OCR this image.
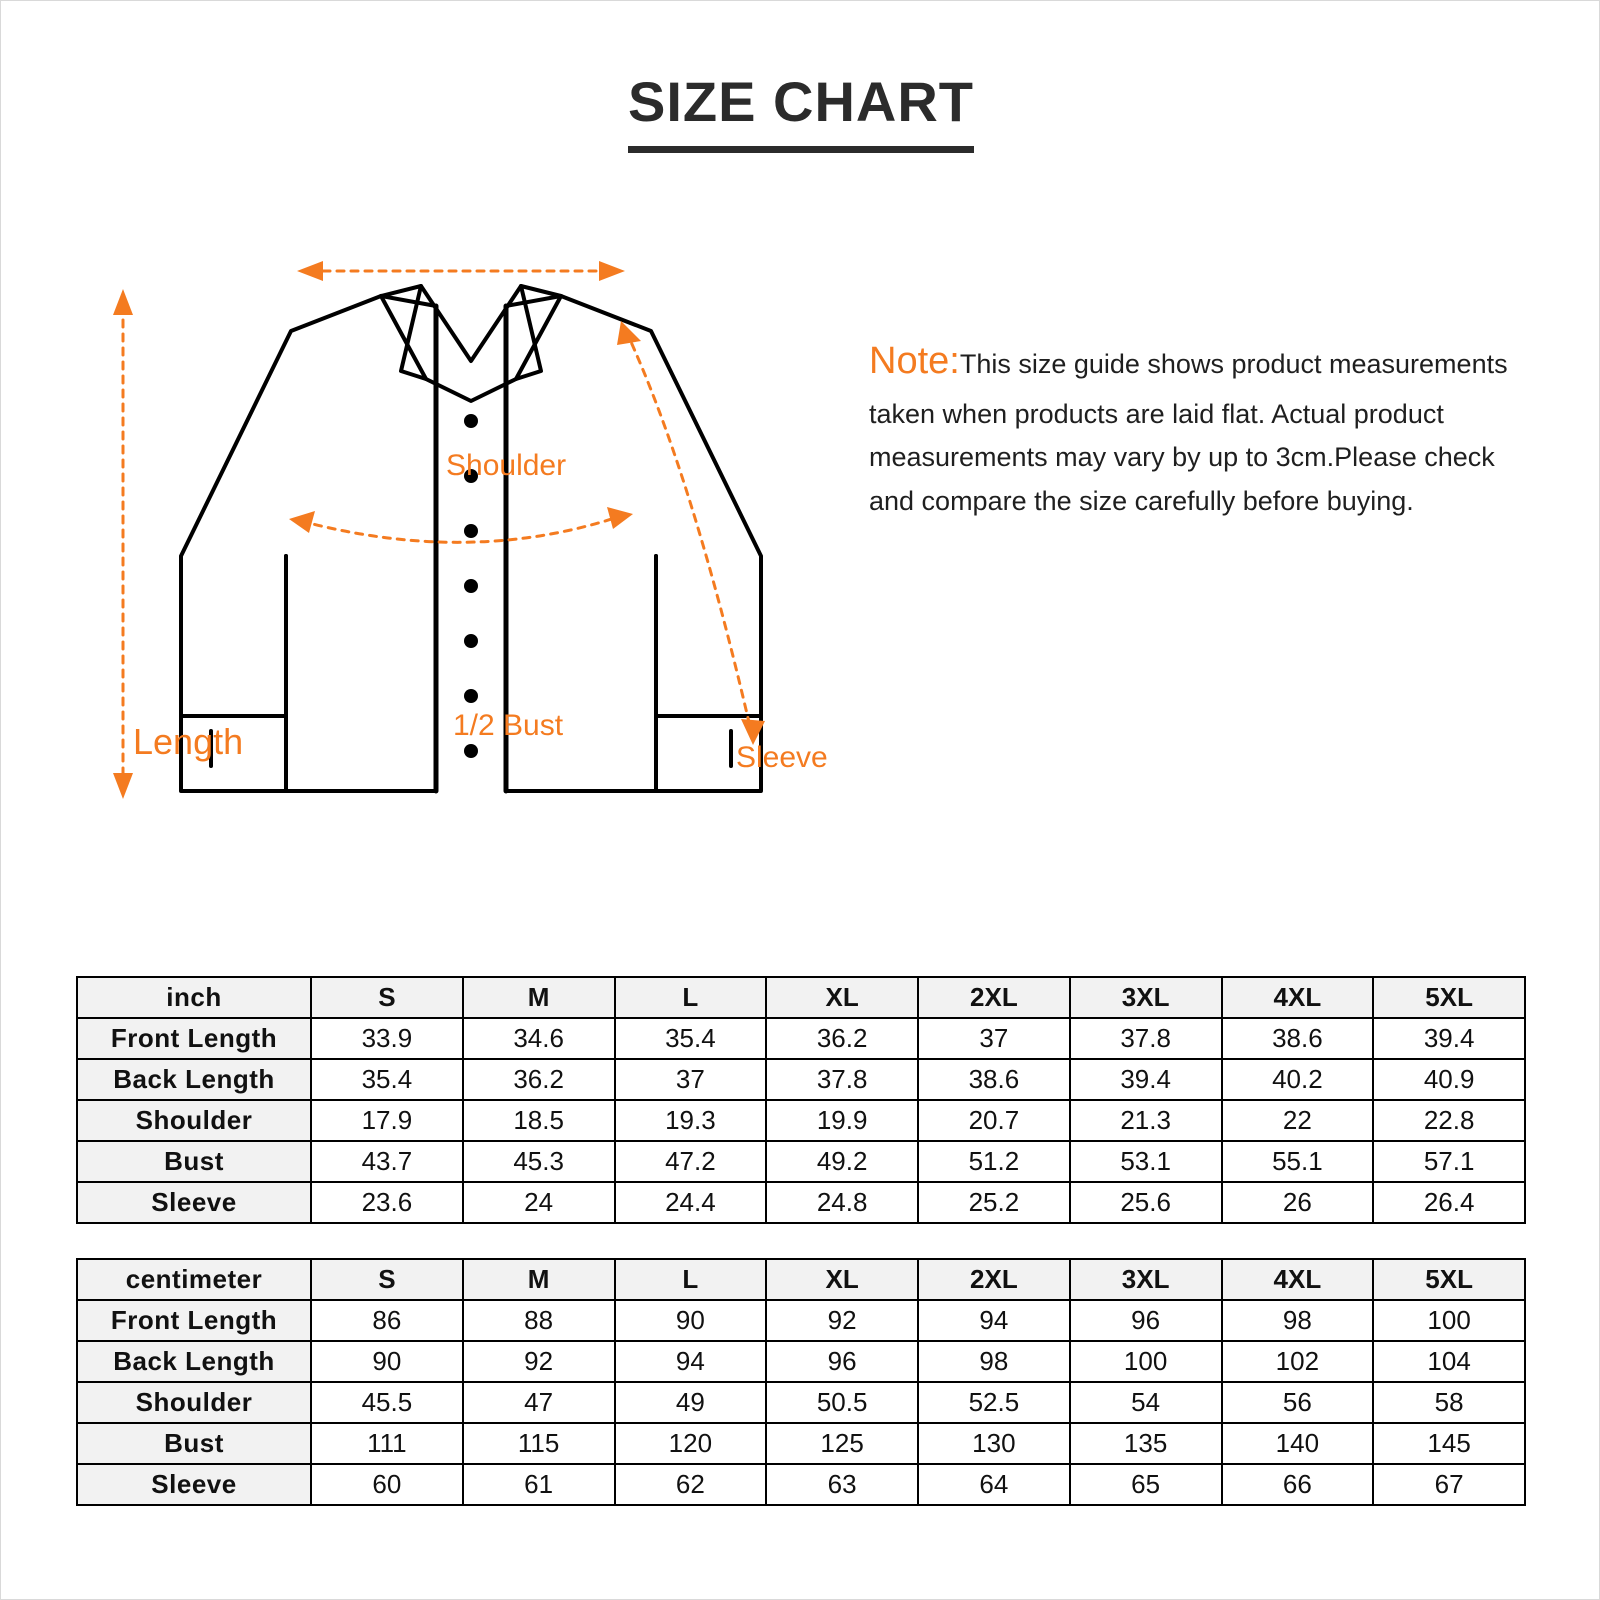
SIZE CHART
Length
Shoulder
1/2 Bust
Sleeve
Note:This size guide shows product measurements taken when products are laid flat. Actual product measurements may vary by up to 3cm.Please check and compare the size carefully before buying.
inch	S	M	L	XL	2XL	3XL	4XL	5XL
Front Length	33.9	34.6	35.4	36.2	37	37.8	38.6	39.4
Back Length	35.4	36.2	37	37.8	38.6	39.4	40.2	40.9
Shoulder	17.9	18.5	19.3	19.9	20.7	21.3	22	22.8
Bust	43.7	45.3	47.2	49.2	51.2	53.1	55.1	57.1
Sleeve	23.6	24	24.4	24.8	25.2	25.6	26	26.4
centimeter	S	M	L	XL	2XL	3XL	4XL	5XL
Front Length	86	88	90	92	94	96	98	100
Back Length	90	92	94	96	98	100	102	104
Shoulder	45.5	47	49	50.5	52.5	54	56	58
Bust	111	115	120	125	130	135	140	145
Sleeve	60	61	62	63	64	65	66	67
